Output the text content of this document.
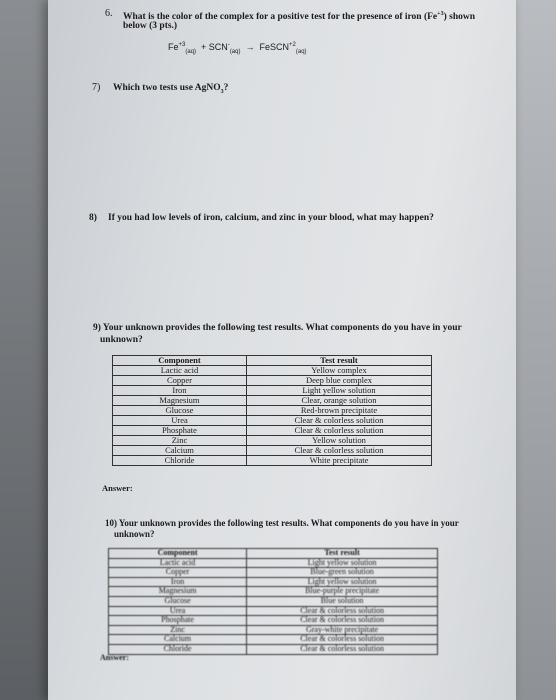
6. What is the color of the complex for a positive test for the presence of iron $(Fe^{+3})$ shown
below (3 pts.)
$Fe^{+3}_{(aq)} + SCN^-_{(aq)}$ → FeSCN$^{+2}_{(aq)}$
7) Which two tests use AgNO$_3$?
8) If you had low levels of iron, calcium, and zinc in your blood, what may happen?
9) Your unknown provides the following test results. What components do you have in your
unknown?
Component	Test result
Lactic acid	Yellow complex
Copper	Deep blue complex
Iron	Light yellow solution
Magnesium	Clear, orange solution
Glucose	Red-brown precipitate
Urea	Clear & colorless solution
Phosphate	Clear & colorless solution
Zinc	Yellow solution
Calcium	Clear & colorless solution
Chloride	White precipitate
Answer:
10) Your unknown provides the following test results. What components do you have in your
unknown?
Component	Test result
Lactic acid	Light yellow solution
Copper	Blue-green solution
Iron	Light yellow solution
Magnesium	Blue-purple precipitate
Glucose	Blue solution
Urea	Clear & colorless solution
Phosphate	Clear & colorless solution
Zinc	Gray-white precipitate
Calcium	Clear & colorless solution
Chloride	Clear & colorless solution
Answer:
